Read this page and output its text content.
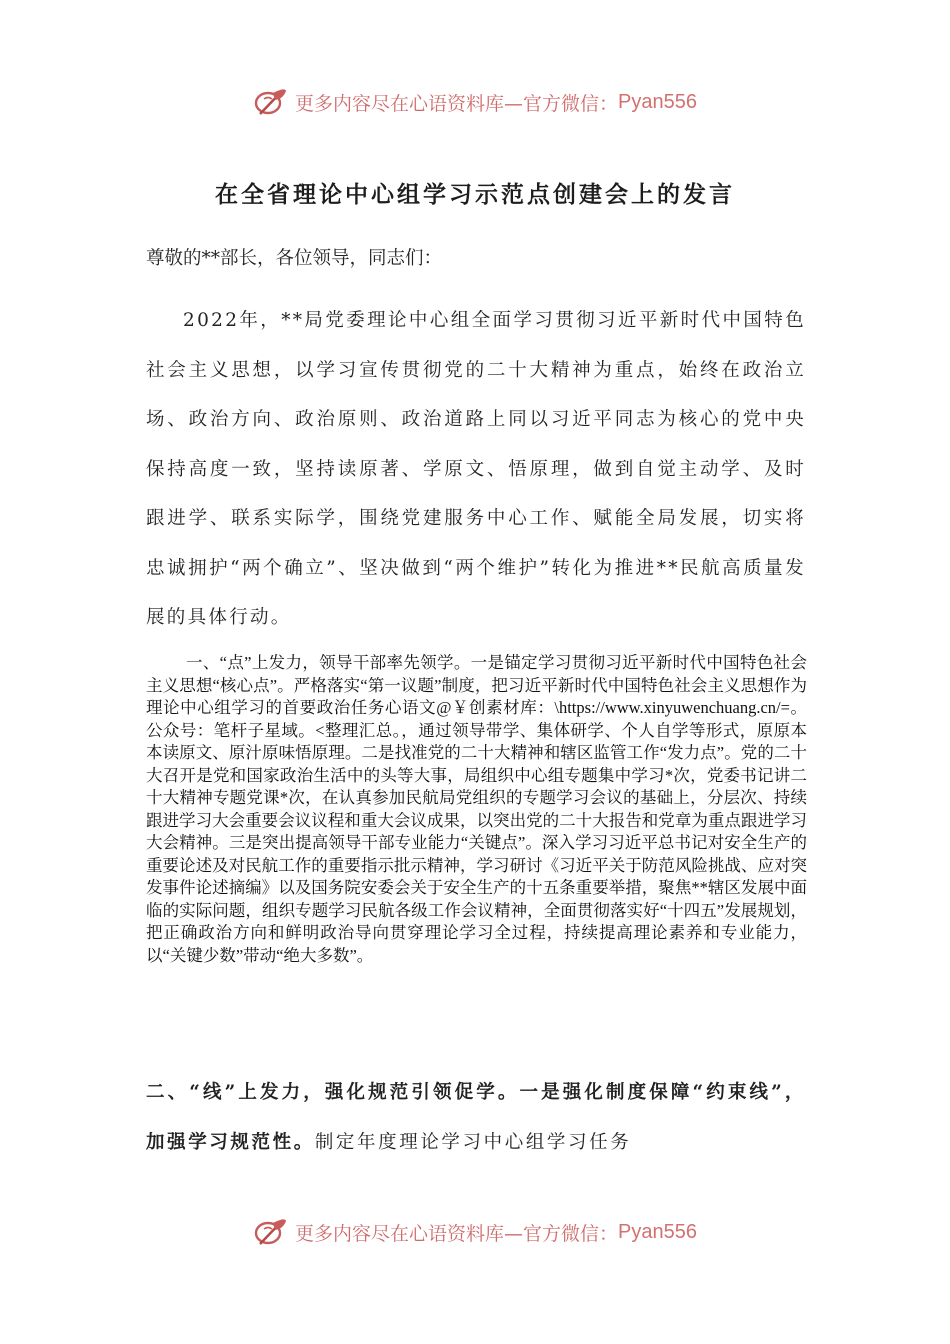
更多内容尽在心语资料库—官方微信： Pyan556
在全省理论中心组学习示范点创建会上的发言
尊敬的**部长，各位领导，同志们：
2022年，**局党委理论中心组全面学习贯彻习近平新时代中国特色社会主义思想，以学习宣传贯彻党的二十大精神为重点，始终在政治立场、政治方向、政治原则、政治道路上同以习近平同志为核心的党中央保持高度一致，坚持读原著、学原文、悟原理，做到自觉主动学、及时跟进学、联系实际学，围绕党建服务中心工作、赋能全局发展，切实将忠诚拥护“两个确立”、坚决做到“两个维护”转化为推进**民航高质量发展的具体行动。
一、“点”上发力，领导干部率先领学。一是锚定学习贯彻习近平新时代中国特色社会主义思想“核心点”。严格落实“第一议题”制度，把习近平新时代中国特色社会主义思想作为理论中心组学习的首要政治任务心语文@￥创素材库：\https://www.xinyuwenchuang.cn/=。公众号：笔杆子星域。<整理汇总。，通过领导带学、集体研学、个人自学等形式，原原本本读原文、原汁原味悟原理。二是找准党的二十大精神和辖区监管工作“发力点”。党的二十大召开是党和国家政治生活中的头等大事，局组织中心组专题集中学习*次，党委书记讲二十大精神专题党课*次，在认真参加民航局党组织的专题学习会议的基础上，分层次、持续跟进学习大会重要会议议程和重大会议成果，以突出党的二十大报告和党章为重点跟进学习大会精神。三是突出提高领导干部专业能力“关键点”。深入学习习近平总书记对安全生产的重要论述及对民航工作的重要指示批示精神，学习研讨《习近平关于防范风险挑战、应对突发事件论述摘编》以及国务院安委会关于安全生产的十五条重要举措，聚焦**辖区发展中面临的实际问题，组织专题学习民航各级工作会议精神，全面贯彻落实好“十四五”发展规划，把正确政治方向和鲜明政治导向贯穿理论学习全过程，持续提高理论素养和专业能力，以“关键少数”带动“绝大多数”。
二、“线”上发力，强化规范引领促学。一是强化制度保障“约束线”，加强学习规范性。制定年度理论学习中心组学习任务
更多内容尽在心语资料库—官方微信： Pyan556
